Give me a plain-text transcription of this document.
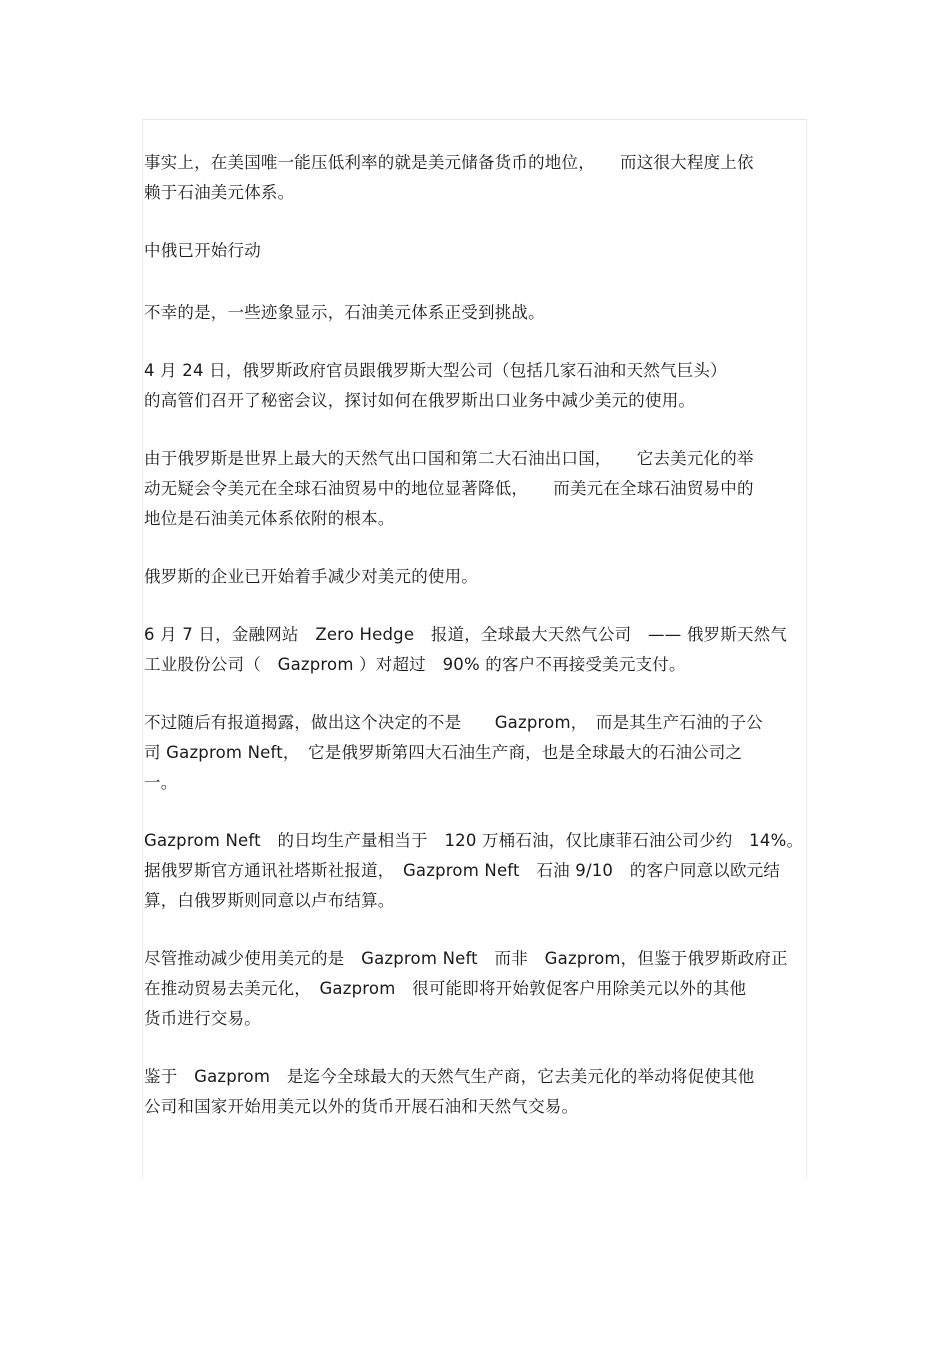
事实上，在美国唯一能压低利率的就是美元储备货币的地位，　　而这很大程度上依
赖于石油美元体系。

中俄已开始行动

不幸的是，一些迹象显示，石油美元体系正受到挑战。

4 月 24 日，俄罗斯政府官员跟俄罗斯大型公司（包括几家石油和天然气巨头）
的高管们召开了秘密会议，探讨如何在俄罗斯出口业务中减少美元的使用。

由于俄罗斯是世界上最大的天然气出口国和第二大石油出口国，　　它去美元化的举
动无疑会令美元在全球石油贸易中的地位显著降低，　　而美元在全球石油贸易中的
地位是石油美元体系依附的根本。

俄罗斯的企业已开始着手减少对美元的使用。

6 月 7 日，金融网站　Zero Hedge　报道，全球最大天然气公司　—— 俄罗斯天然气
工业股份公司（　Gazprom ）对超过　90% 的客户不再接受美元支付。

不过随后有报道揭露，做出这个决定的不是　　Gazprom，　而是其生产石油的子公
司 Gazprom Neft，　它是俄罗斯第四大石油生产商，也是全球最大的石油公司之
一。

Gazprom Neft　的日均生产量相当于　120 万桶石油，仅比康菲石油公司少约　14%。
据俄罗斯官方通讯社塔斯社报道，　Gazprom Neft　石油 9/10　的客户同意以欧元结
算，白俄罗斯则同意以卢布结算。

尽管推动减少使用美元的是　Gazprom Neft　而非　Gazprom，但鉴于俄罗斯政府正
在推动贸易去美元化，　Gazprom　很可能即将开始敦促客户用除美元以外的其他
货币进行交易。

鉴于　Gazprom　是迄今全球最大的天然气生产商，它去美元化的举动将促使其他
公司和国家开始用美元以外的货币开展石油和天然气交易。
